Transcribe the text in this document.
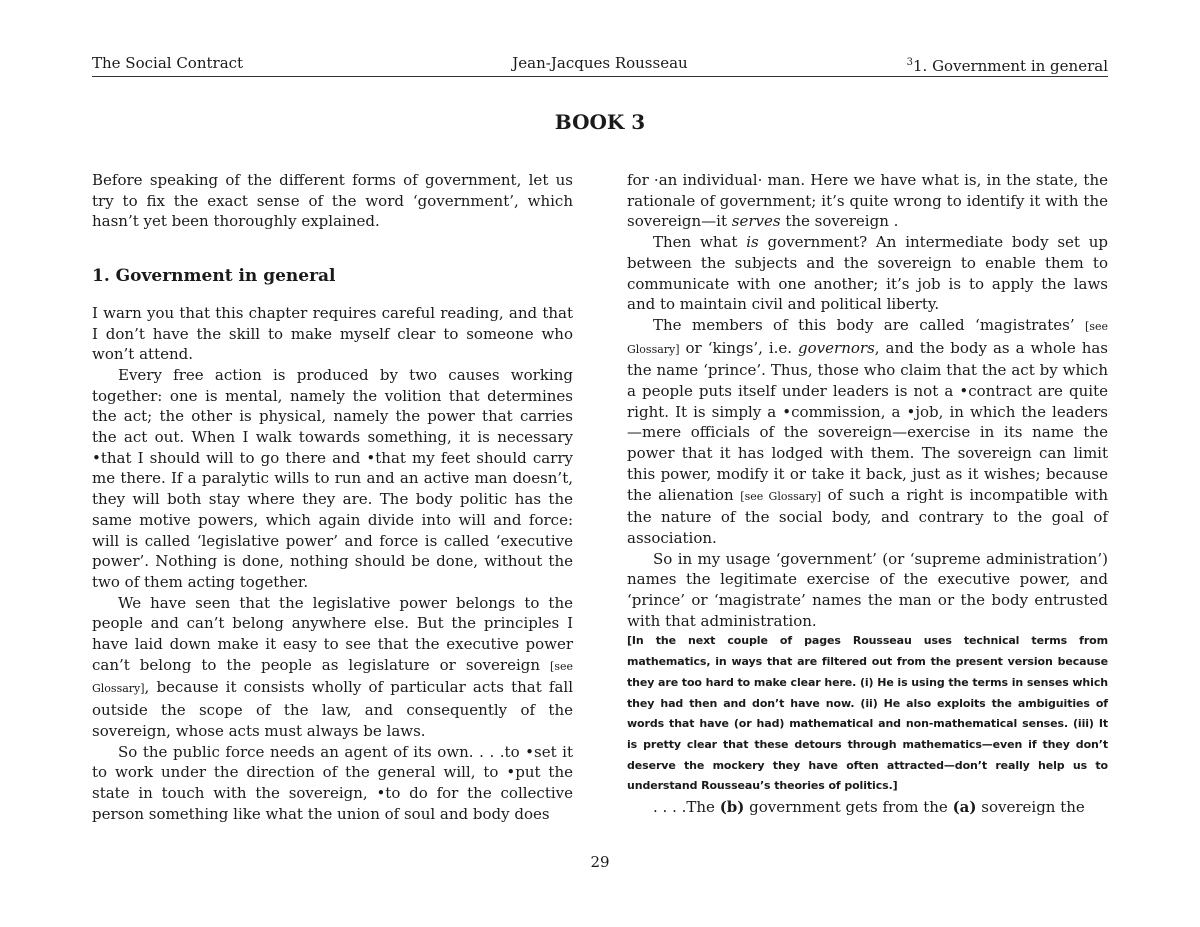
The Social Contract	Jean-Jacques Rousseau	$^3$1. Government in general
BOOK 3

Before speaking of the different forms of government, let us try to fix the exact sense of the word ‘government’, which hasn’t yet been thoroughly explained.

1. Government in general

I warn you that this chapter requires careful reading, and that I don’t have the skill to make myself clear to someone who won’t attend.

Every free action is produced by two causes working together: one is mental, namely the volition that determines the act; the other is physical, namely the power that carries the act out. When I walk towards something, it is necessary •that I should will to go there and •that my feet should carry me there. If a paralytic wills to run and an active man doesn’t, they will both stay where they are. The body politic has the same motive powers, which again divide into will and force: will is called ‘legislative power’ and force is called ‘executive power’. Nothing is done, nothing should be done, without the two of them acting together.

We have seen that the legislative power belongs to the people and can’t belong anywhere else. But the principles I have laid down make it easy to see that the executive power can’t belong to the people as legislature or sovereign [see Glossary], because it consists wholly of particular acts that fall outside the scope of the law, and consequently of the sovereign, whose acts must always be laws.

So the public force needs an agent of its own. . . .to •set it to work under the direction of the general will, to •put the state in touch with the sovereign, •to do for the collective person something like what the union of soul and body does

for ·an individual· man. Here we have what is, in the state, the rationale of government; it’s quite wrong to identify it with the sovereign—it serves the sovereign .

Then what is government? An intermediate body set up between the subjects and the sovereign to enable them to communicate with one another; it’s job is to apply the laws and to maintain civil and political liberty.

The members of this body are called ‘magistrates’ [see Glossary] or ‘kings’, i.e. governors, and the body as a whole has the name ‘prince’. Thus, those who claim that the act by which a people puts itself under leaders is not a •contract are quite right. It is simply a •commission, a •job, in which the leaders—mere officials of the sovereign—exercise in its name the power that it has lodged with them. The sovereign can limit this power, modify it or take it back, just as it wishes; because the alienation [see Glossary] of such a right is incompatible with the nature of the social body, and contrary to the goal of association.

So in my usage ‘government’ (or ‘supreme administration’) names the legitimate exercise of the executive power, and ‘prince’ or ‘magistrate’ names the man or the body entrusted with that administration.

[In the next couple of pages Rousseau uses technical terms from mathematics, in ways that are filtered out from the present version because they are too hard to make clear here. (i) He is using the terms in senses which they had then and don’t have now. (ii) He also exploits the ambiguities of words that have (or had) mathematical and non-mathematical senses. (iii) It is pretty clear that these detours through mathematics—even if they don’t deserve the mockery they have often attracted—don’t really help us to understand Rousseau’s theories of politics.]

. . . .The (b) government gets from the (a) sovereign the

29
